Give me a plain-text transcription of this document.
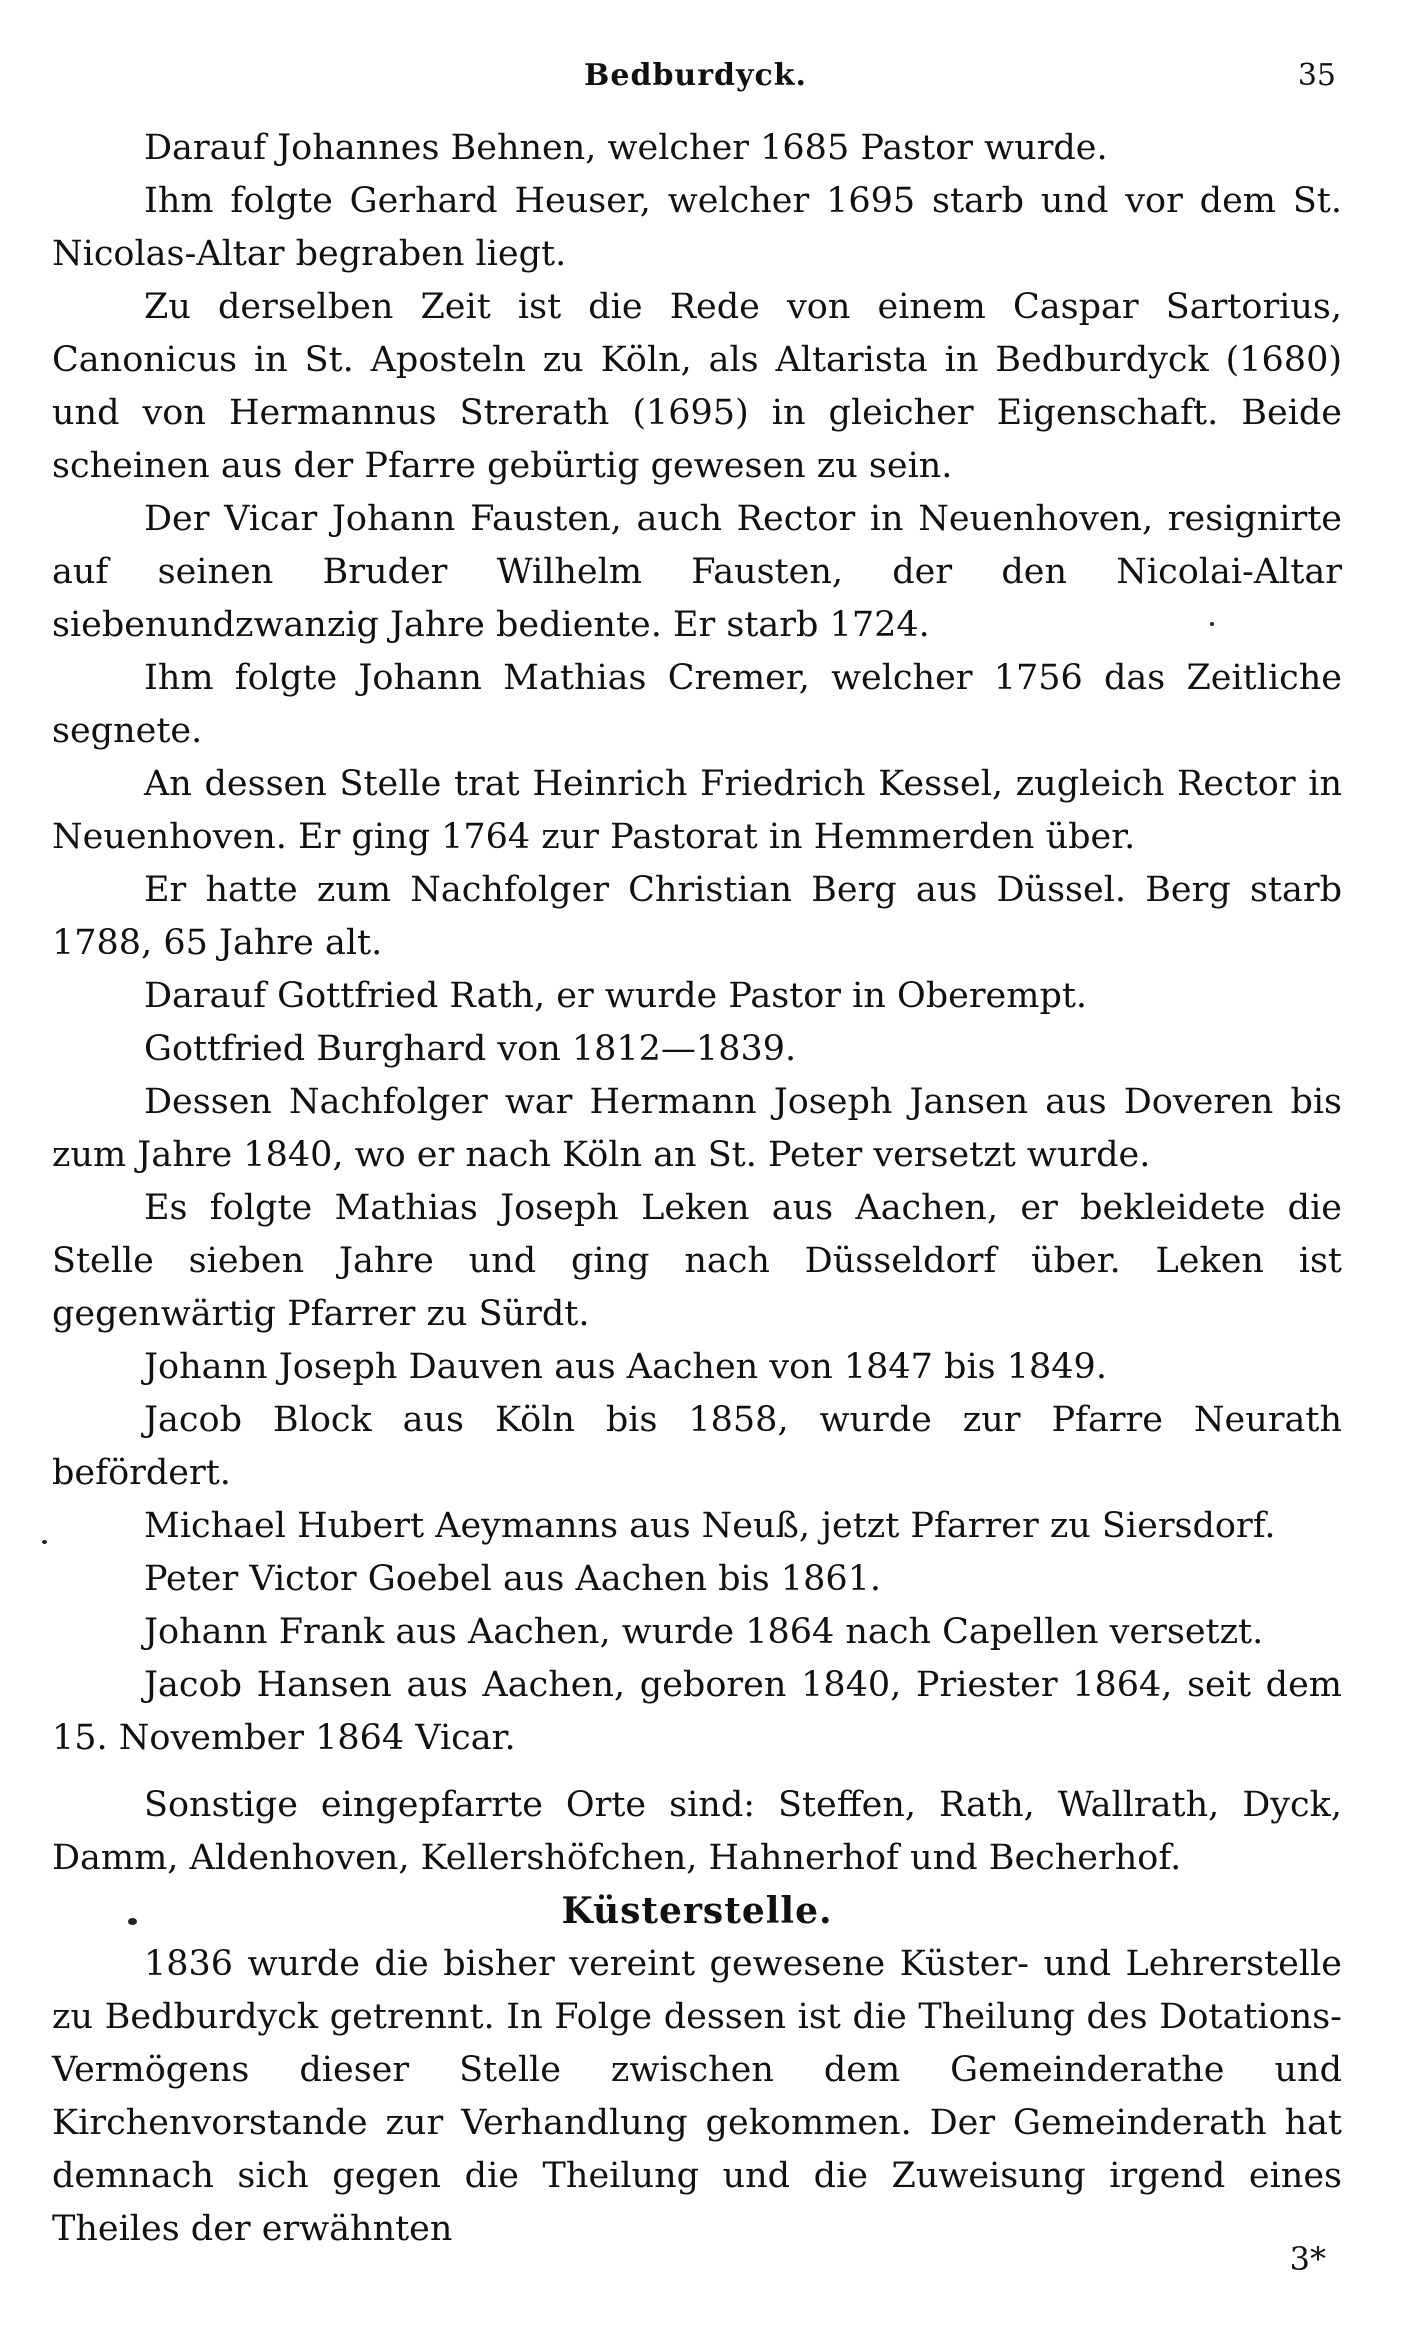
Bedburdyck.	35

Darauf Johannes Behnen, welcher 1685 Pastor wurde.

Ihm folgte Gerhard Heuser, welcher 1695 starb und vor dem St. Nicolas-Altar begraben liegt.

Zu derselben Zeit ist die Rede von einem Caspar Sartorius, Canonicus in St. Aposteln zu Köln, als Altarista in Bedburdyck (1680) und von Hermannus Strerath (1695) in gleicher Eigenschaft. Beide scheinen aus der Pfarre gebürtig gewesen zu sein.

Der Vicar Johann Fausten, auch Rector in Neuenhoven, resignirte auf seinen Bruder Wilhelm Fausten, der den Nicolai-Altar siebenundzwanzig Jahre bediente. Er starb 1724.

Ihm folgte Johann Mathias Cremer, welcher 1756 das Zeitliche segnete.

An dessen Stelle trat Heinrich Friedrich Kessel, zugleich Rector in Neuenhoven. Er ging 1764 zur Pastorat in Hemmerden über.

Er hatte zum Nachfolger Christian Berg aus Düssel. Berg starb 1788, 65 Jahre alt.

Darauf Gottfried Rath, er wurde Pastor in Oberempt.

Gottfried Burghard von 1812—1839.

Dessen Nachfolger war Hermann Joseph Jansen aus Doveren bis zum Jahre 1840, wo er nach Köln an St. Peter versetzt wurde.

Es folgte Mathias Joseph Leken aus Aachen, er bekleidete die Stelle sieben Jahre und ging nach Düsseldorf über. Leken ist gegenwärtig Pfarrer zu Sürdt.

Johann Joseph Dauven aus Aachen von 1847 bis 1849.

Jacob Block aus Köln bis 1858, wurde zur Pfarre Neurath befördert.

Michael Hubert Aeymanns aus Neuß, jetzt Pfarrer zu Siersdorf.

Peter Victor Goebel aus Aachen bis 1861.

Johann Frank aus Aachen, wurde 1864 nach Capellen versetzt.

Jacob Hansen aus Aachen, geboren 1840, Priester 1864, seit dem 15. November 1864 Vicar.

Sonstige eingepfarrte Orte sind: Steffen, Rath, Wallrath, Dyck, Damm, Aldenhoven, Kellershöfchen, Hahnerhof und Becherhof.

Küsterstelle.

1836 wurde die bisher vereint gewesene Küster- und Lehrerstelle zu Bedburdyck getrennt. In Folge dessen ist die Theilung des Dotations-Vermögens dieser Stelle zwischen dem Gemeinderathe und Kirchenvorstande zur Verhandlung gekommen. Der Gemeinderath hat demnach sich gegen die Theilung und die Zuweisung irgend eines Theiles der erwähnten

3*
